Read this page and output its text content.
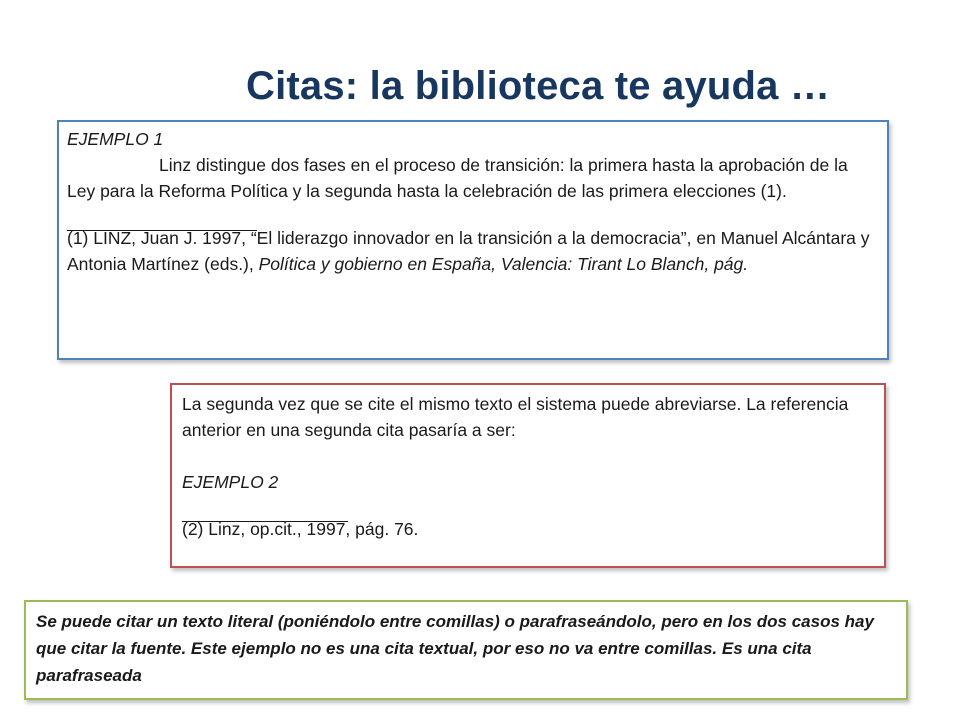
Citas: la biblioteca te ayuda …
EJEMPLO 1
Linz distingue dos fases en el proceso de transición: la primera hasta la aprobación de la Ley para la Reforma Política y la segunda hasta la celebración de las primera elecciones (1).
(1) LINZ, Juan J. 1997, “El liderazgo innovador en la transición a la democracia”, en Manuel Alcántara y Antonia Martínez (eds.), Política y gobierno en España, Valencia: Tirant Lo Blanch, pág.
La segunda vez que se cite el mismo texto el sistema puede abreviarse. La referencia anterior en una segunda cita pasaría a ser:
EJEMPLO 2
(2) Linz, op.cit., 1997, pág. 76.
Se puede citar un texto literal (poniéndolo entre comillas) o parafraseándolo, pero en los dos casos hay que citar la fuente. Este ejemplo no es una cita textual, por eso no va entre comillas. Es una cita parafraseada
